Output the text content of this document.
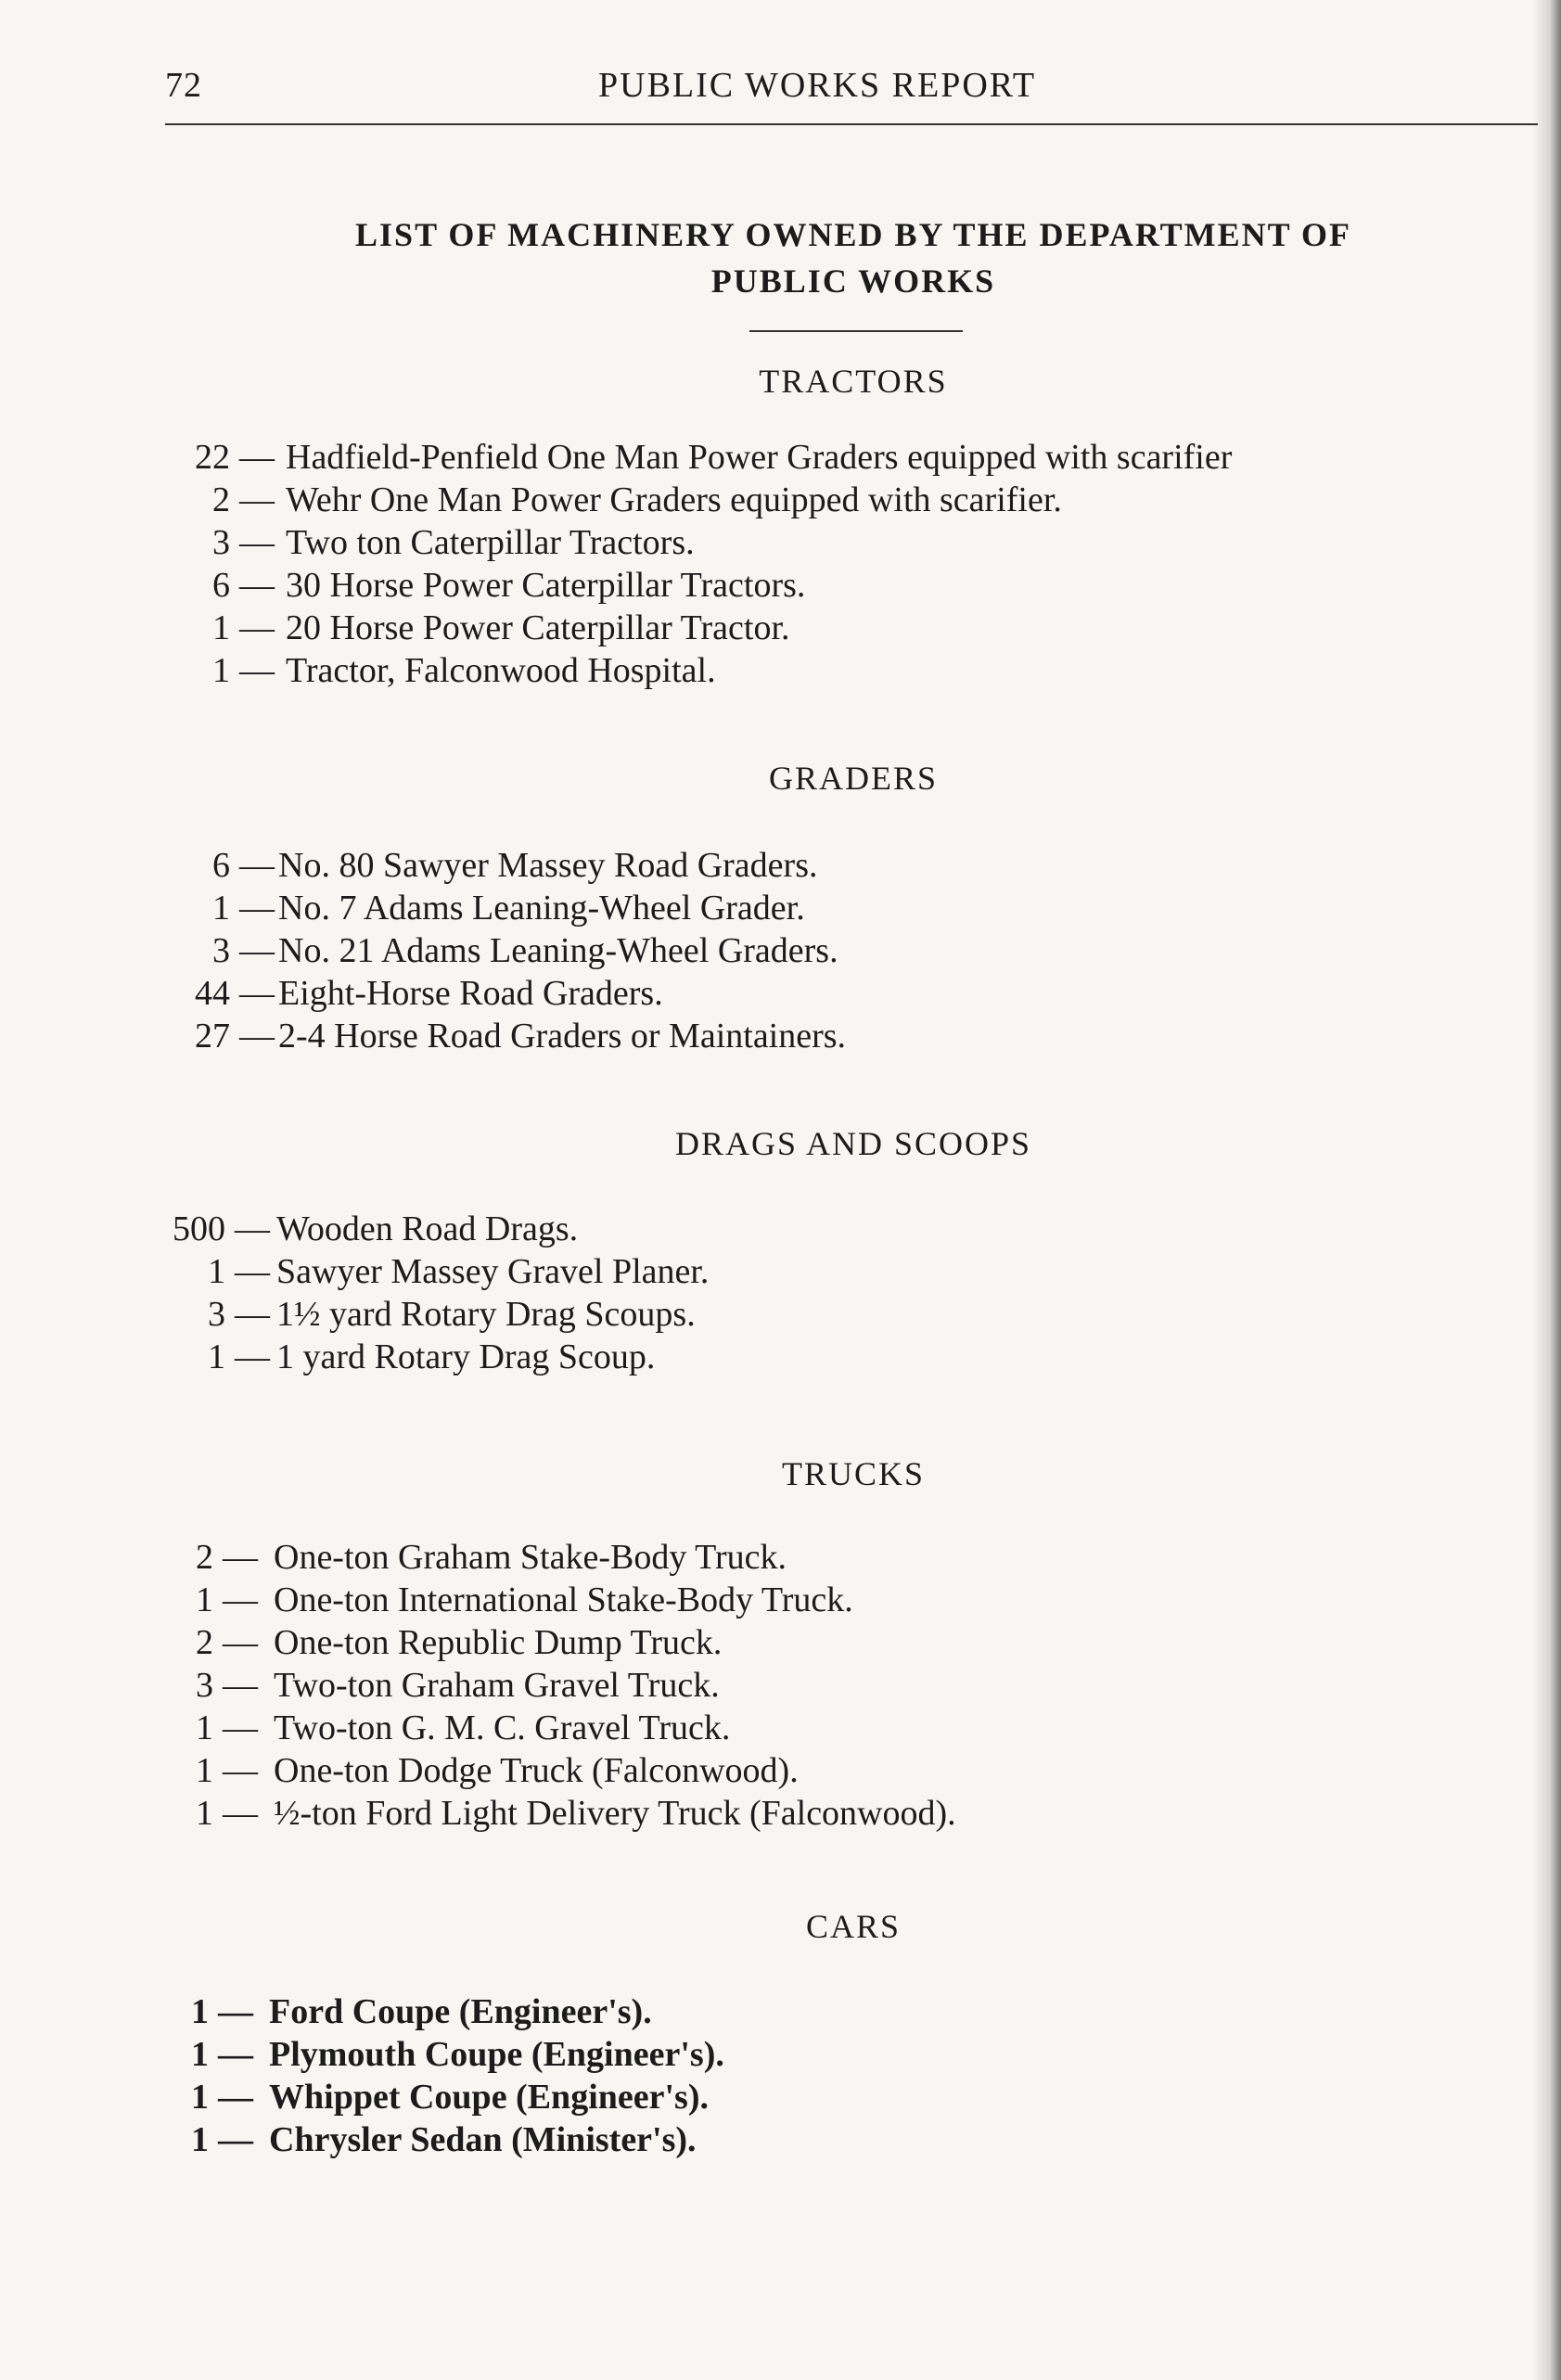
72	PUBLIC WORKS REPORT
LIST OF MACHINERY OWNED BY THE DEPARTMENT OF
PUBLIC WORKS
TRACTORS
22 — Hadfield-Penfield One Man Power Graders equipped with scarifier
2 — Wehr One Man Power Graders equipped with scarifier.
3 — Two ton Caterpillar Tractors.
6 — 30 Horse Power Caterpillar Tractors.
1 — 20 Horse Power Caterpillar Tractor.
1 — Tractor, Falconwood Hospital.
GRADERS
6 — No. 80 Sawyer Massey Road Graders.
1 — No. 7 Adams Leaning-Wheel Grader.
3 — No. 21 Adams Leaning-Wheel Graders.
44 — Eight-Horse Road Graders.
27 — 2-4 Horse Road Graders or Maintainers.
DRAGS AND SCOOPS
500 — Wooden Road Drags.
1 — Sawyer Massey Gravel Planer.
3 — 1½ yard Rotary Drag Scoups.
1 — 1 yard Rotary Drag Scoup.
TRUCKS
2 — One-ton Graham Stake-Body Truck.
1 — One-ton International Stake-Body Truck.
2 — One-ton Republic Dump Truck.
3 — Two-ton Graham Gravel Truck.
1 — Two-ton G. M. C. Gravel Truck.
1 — One-ton Dodge Truck (Falconwood).
1 — ½-ton Ford Light Delivery Truck (Falconwood).
CARS
1 — Ford Coupe (Engineer's).
1 — Plymouth Coupe (Engineer's).
1 — Whippet Coupe (Engineer's).
1 — Chrysler Sedan (Minister's).
